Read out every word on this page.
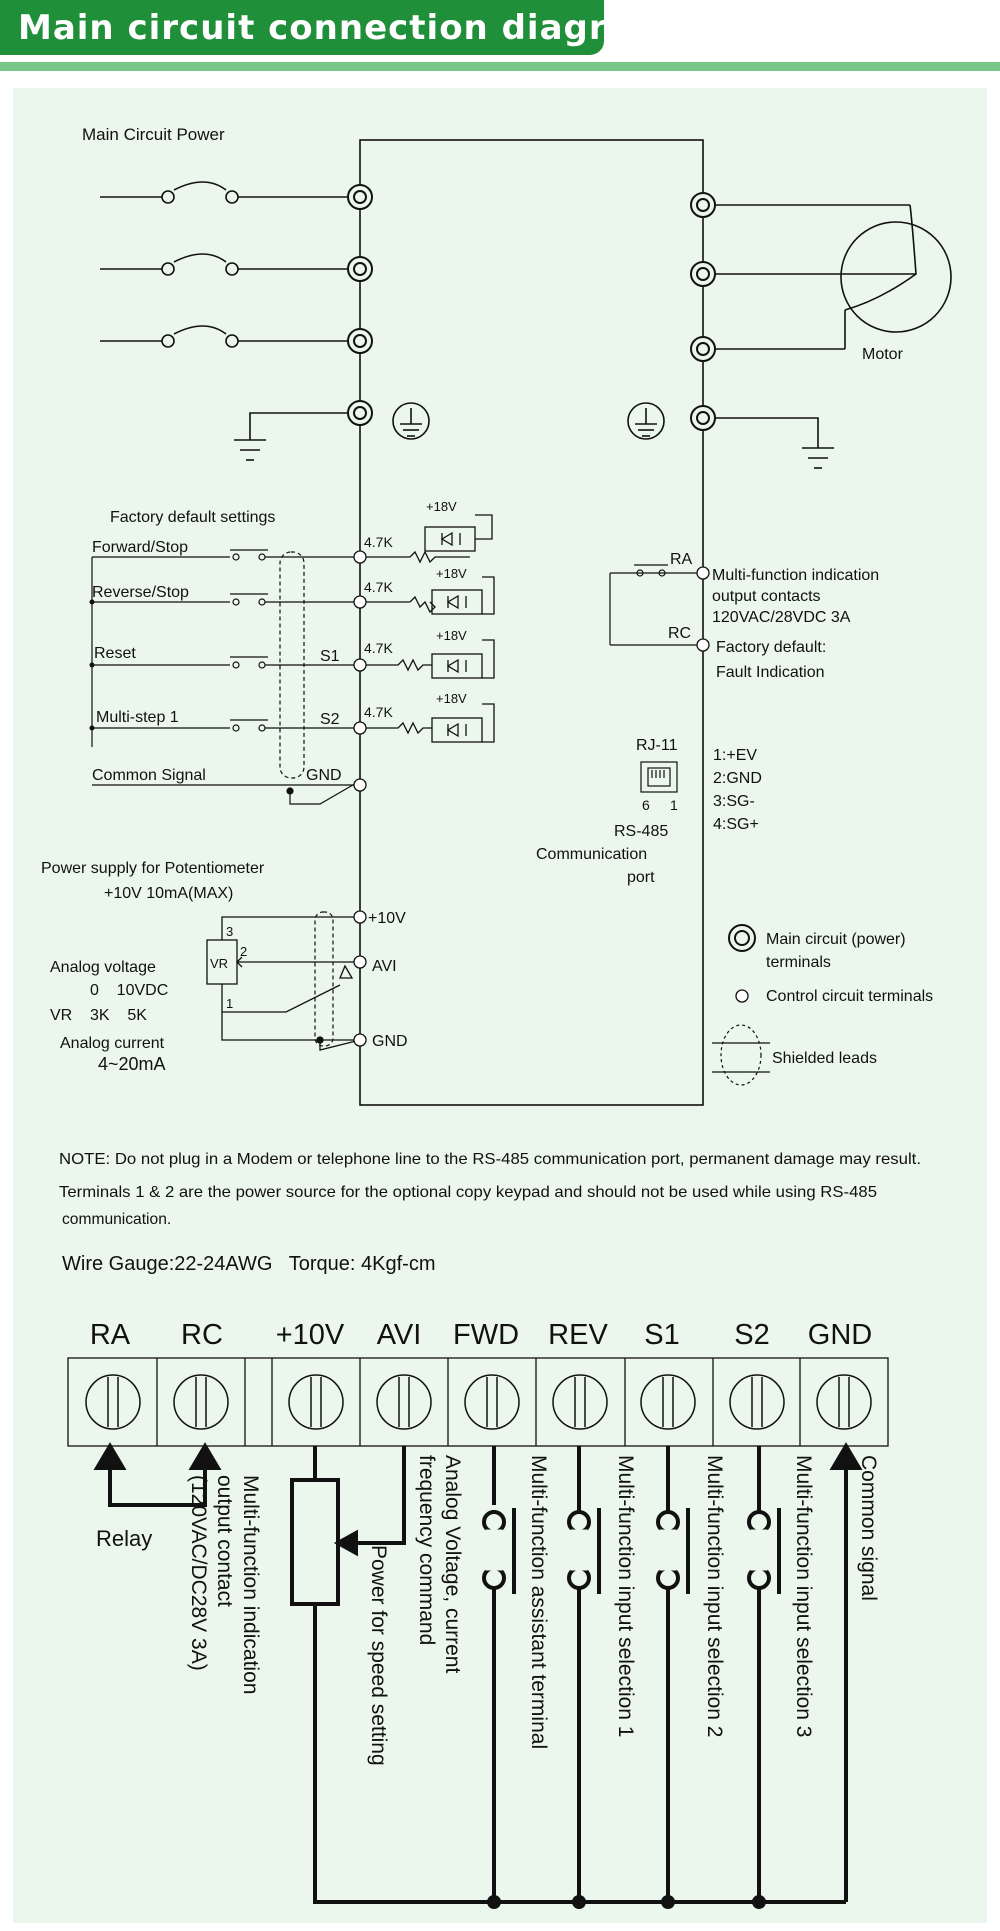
Main circuit connection diagram
Main Circuit Power
Motor
Factory default settings
Forward/Stop
Reverse/Stop
Reset
Multi-step 1
Common Signal
4.7K
4.7K
4.7K
4.7K
+18V
+18V
+18V
+18V
S1
S2
GND
RA
RC
Multi-function indication
output contacts
120VAC/28VDC 3A
Factory default:
Fault Indication
RJ-11
6 1
1:+EV
2:GND
3:SG-
4:SG+
RS-485
Communication
port
Power supply for Potentiometer
+10V 10mA(MAX)
+10V
AVI
GND
VR
3
2
1
Analog voltage
0    10VDC
VR    3K    5K
Analog current
4~20mA
Main circuit (power)
terminals
Control circuit terminals
Shielded leads
NOTE: Do not plug in a Modem or telephone line to the RS-485 communication port, permanent damage may result.
Terminals 1 & 2 are the power source for the optional copy keypad and should not be used while using RS-485
communication.
Wire Gauge:22-24AWG   Torque: 4Kgf-cm
RA RC +10V AVI FWD REV S1 S2 GND
Relay	Multi-function indication
output contact
(120VAC/DC28V 3A)	Power for speed setting Analog Voltage, current
frequency command	Multi-function assistant terminal	Multi-function input selection 1	Multi-function input selection 2	Multi-function input selection 3 Common signal
